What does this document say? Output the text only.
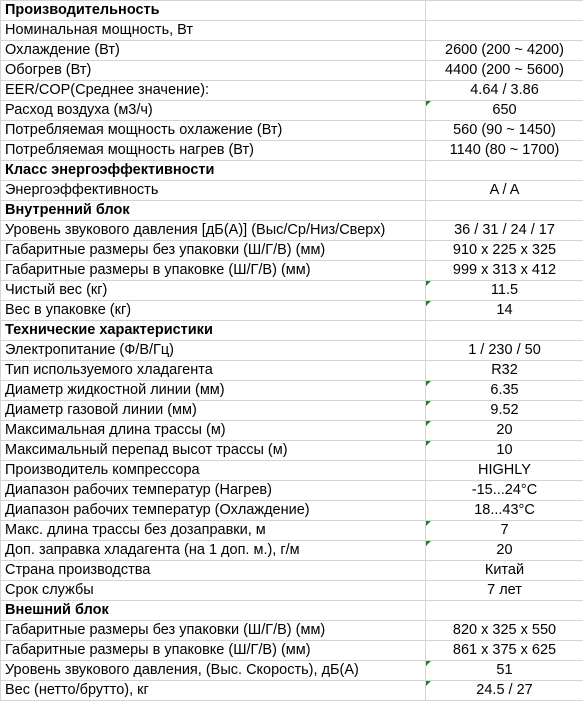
Производительность	
Номинальная мощность, Вт	
Охлаждение (Вт)	2600 (200 ~ 4200)
Обогрев (Вт)	4400 (200 ~ 5600)
EER/COP(Среднее значение):	4.64 / 3.86
Расход воздуха (м3/ч)	650
Потребляемая мощность охлажение (Вт)	560 (90 ~ 1450)
Потребляемая мощность нагрев (Вт)	1140 (80 ~ 1700)
Класс энергоэффективности	
Энергоэффективность	A / A
Внутренний блок	
Уровень звукового давления [дБ(А)] (Выс/Ср/Низ/Сверх)	36 / 31 / 24 / 17
Габаритные размеры без упаковки (Ш/Г/В) (мм)	910 x 225 x 325
Габаритные размеры в упаковке (Ш/Г/В) (мм)	999 x 313 x 412
Чистый вес (кг)	11.5
Вес в упаковке (кг)	14
Технические характеристики	
Электропитание (Ф/В/Гц)	1 / 230 / 50
Тип используемого хладагента	R32
Диаметр жидкостной линии (мм)	6.35
Диаметр газовой линии (мм)	9.52
Максимальная длина трассы (м)	20
Максимальный перепад высот трассы (м)	10
Производитель компрессора	HIGHLY
Диапазон рабочих температур (Нагрев)	-15...24°C
Диапазон рабочих температур (Охлаждение)	18...43°C
Макс. длина трассы без дозаправки, м	7
Доп. заправка хладагента (на 1 доп. м.), г/м	20
Страна производства	Китай
Срок службы	7 лет
Внешний блок	
Габаритные размеры без упаковки (Ш/Г/В) (мм)	820 x 325 x 550
Габаритные размеры в упаковке (Ш/Г/В) (мм)	861 x 375 x 625
Уровень звукового давления, (Выс. Скорость), дБ(А)	51
Вес (нетто/брутто), кг	24.5 / 27
